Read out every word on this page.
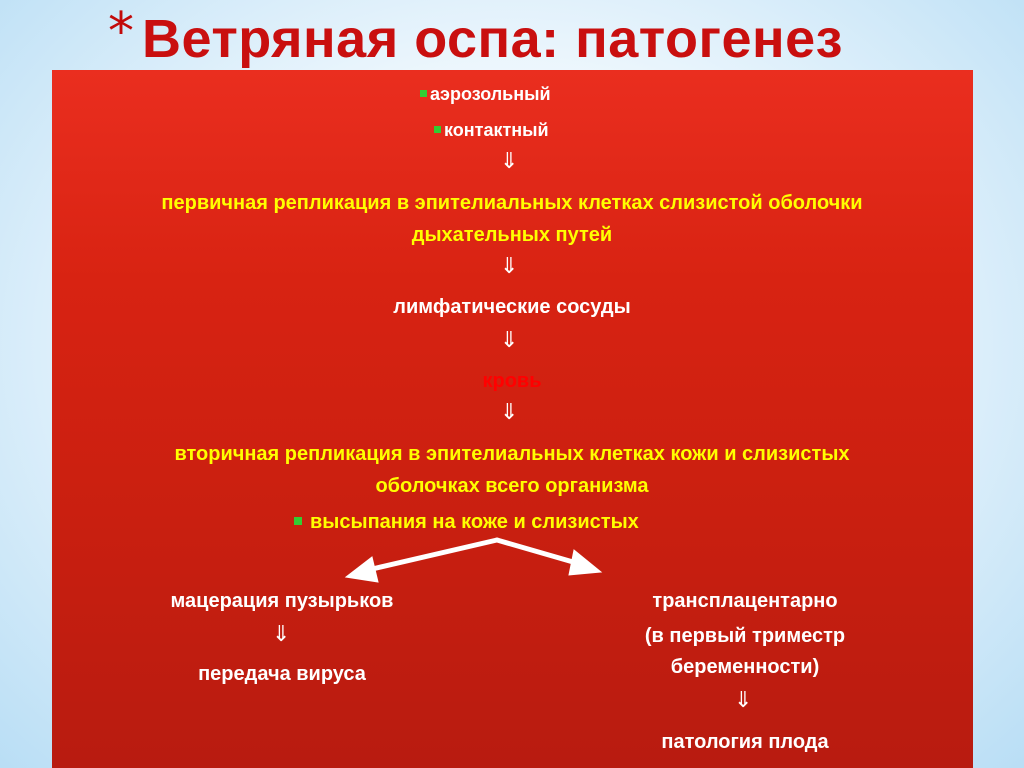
* Ветряная оспа: патогенез

аэрозольный

контактный

⇓

первичная репликация в эпителиальных клетках слизистой оболочки

дыхательных путей

⇓

лимфатические сосуды

⇓

кровь

⇓

вторичная репликация в эпителиальных клетках кожи и слизистых

оболочках всего организма

высыпания на коже и слизистых

мацерация пузырьков

⇓

передача вируса

трансплацентарно

(в первый триместр

беременности)

⇓

патология плода
